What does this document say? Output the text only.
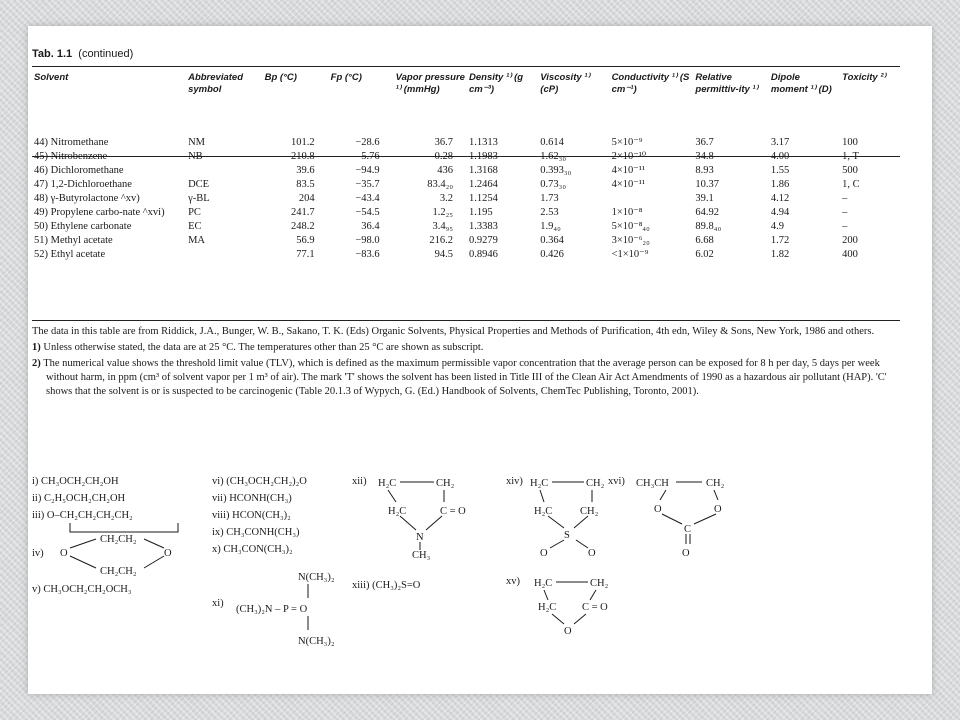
Tab. 1.1 (continued)
Solvent	Abbreviated symbol	Bp (°C)	Fp (°C)	Vapor pressure ¹⁾ (mmHg)	Density ¹⁾ (g cm⁻³)	Viscosity ¹⁾ (cP)	Conductivity ¹⁾ (S cm⁻¹)	Relative permittiv-ity ¹⁾	Dipole moment ¹⁾ (D)	Toxicity ²⁾
44) Nitromethane	NM	101.2	−28.6	36.7	1.1313	0.614	5×10⁻⁹	36.7	3.17	100
45) Nitrobenzene	NB	210.8	5.76	0.28	1.1983	1.62₃₀	2×10⁻¹⁰	34.8	4.00	1, T
46) Dichloromethane		39.6	−94.9	436	1.3168	0.393₃₀	4×10⁻¹¹	8.93	1.55	500
47) 1,2-Dichloroethane	DCE	83.5	−35.7	83.4₂₀	1.2464	0.73₃₀	4×10⁻¹¹	10.37	1.86	1, C
48) γ-Butyrolactone ^xv)	γ-BL	204	−43.4	3.2	1.1254	1.73		39.1	4.12	–
49) Propylene carbo-nate ^xvi)	PC	241.7	−54.5	1.2₂₅	1.195	2.53	1×10⁻⁸	64.92	4.94	–
50) Ethylene carbonate	EC	248.2	36.4	3.4₉₅	1.3383	1.9₄₀	5×10⁻⁸₄₀	89.8₄₀	4.9	–
51) Methyl acetate	MA	56.9	−98.0	216.2	0.9279	0.364	3×10⁻⁶₂₀	6.68	1.72	200
52) Ethyl acetate		77.1	−83.6	94.5	0.8946	0.426	<1×10⁻⁹	6.02	1.82	400

The data in this table are from Riddick, J.A., Bunger, W. B., Sakano, T. K. (Eds) Organic Solvents, Physical Properties and Methods of Purification, 4th edn, Wiley & Sons, New York, 1986 and others.

1) Unless otherwise stated, the data are at 25 °C. The temperatures other than 25 °C are shown as subscript.

2) The numerical value shows the threshold limit value (TLV), which is defined as the maximum permissible vapor concentration that the average person can be exposed for 8 h per day, 5 days per week without harm, in ppm (cm³ of solvent vapor per 1 m³ of air). The mark 'T' shows the solvent has been listed in Title III of the Clean Air Act Amendments of 1990 as a hazardous air pollutant (HAP). 'C' shows that the solvent is or is suspected to be carcinogenic (Table 20.1.3 of Wypych, G. (Ed.) Handbook of Solvents, ChemTec Publishing, Toronto, 2001).

i) CH₃OCH₂CH₂OH
ii) C₂H₅OCH₂CH₂OH
iii) O–CH₂CH₂CH₂CH₂
iv) O	O
CH₂CH₂
CH₂CH₂
v) CH₃OCH₂CH₂OCH₃
vi) (CH₃OCH₂CH₂)₂O
vii) HCONH(CH₃)
viii) HCON(CH₃)₂
ix) CH₃CONH(CH₃)
x) CH₃CON(CH₃)₂
xi)
N(CH₃)₂
(CH₃)₂N – P = O
N(CH₃)₂
xii) H₂C	CH₂
H₂C	C = O
N
CH₃
xiii) (CH₃)₂S=O
xiv) H₂C	CH₂
H₂C	CH₂
S
O	O
xv) H₂C	CH₂
H₂C C = O
O
xvi) CH₃CH	CH₂
O	O
C
O
